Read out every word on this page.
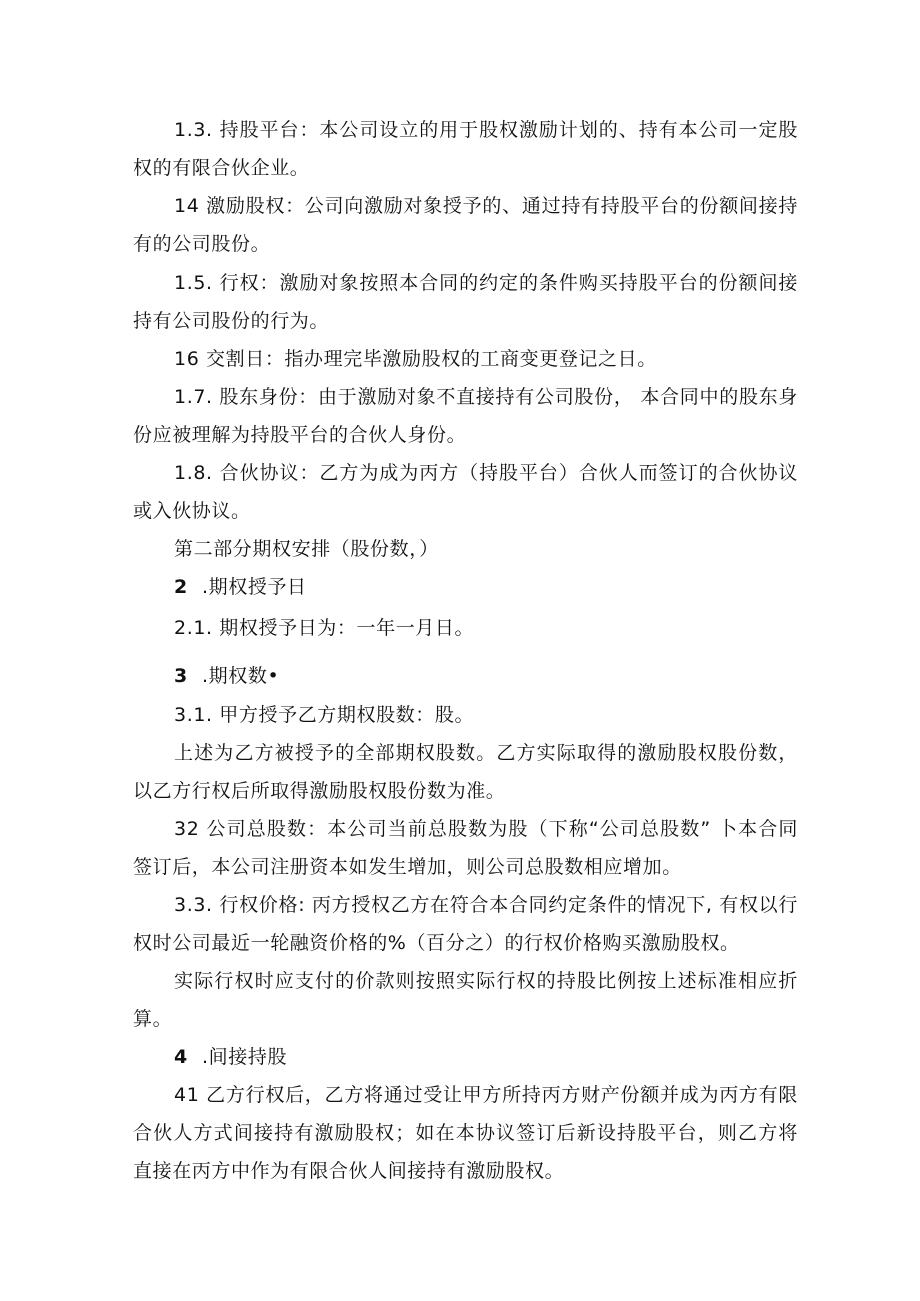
1.3. 持股平台：本公司设立的用于股权激励计划的、持有本公司一定股权的有限合伙企业。

14 激励股权：公司向激励对象授予的、通过持有持股平台的份额间接持有的公司股份。

1.5. 行权：激励对象按照本合同的约定的条件购买持股平台的份额间接持有公司股份的行为。

16 交割日：指办理完毕激励股权的工商变更登记之日。

1.7. 股东身份：由于激励对象不直接持有公司股份， 本合同中的股东身份应被理解为持股平台的合伙人身份。

1.8. 合伙协议：乙方为成为丙方（持股平台）合伙人而签订的合伙协议或入伙协议。

第二部分期权安排（股份数，）

2 .期权授予日

2.1. 期权授予日为：一年一月日。

3 .期权数•

3.1. 甲方授予乙方期权股数：股。

上述为乙方被授予的全部期权股数。乙方实际取得的激励股权股份数，以乙方行权后所取得激励股权股份数为准。

32 公司总股数：本公司当前总股数为股（下称“公司总股数” 卜本合同签订后，本公司注册资本如发生增加，则公司总股数相应增加。

3.3. 行权价格: 丙方授权乙方在符合本合同约定条件的情况下, 有权以行权时公司最近一轮融资价格的%（百分之）的行权价格购买激励股权。

实际行权时应支付的价款则按照实际行权的持股比例按上述标准相应折算。

4 .间接持股

41 乙方行权后，乙方将通过受让甲方所持丙方财产份额并成为丙方有限合伙人方式间接持有激励股权；如在本协议签订后新设持股平台，则乙方将直接在丙方中作为有限合伙人间接持有激励股权。
